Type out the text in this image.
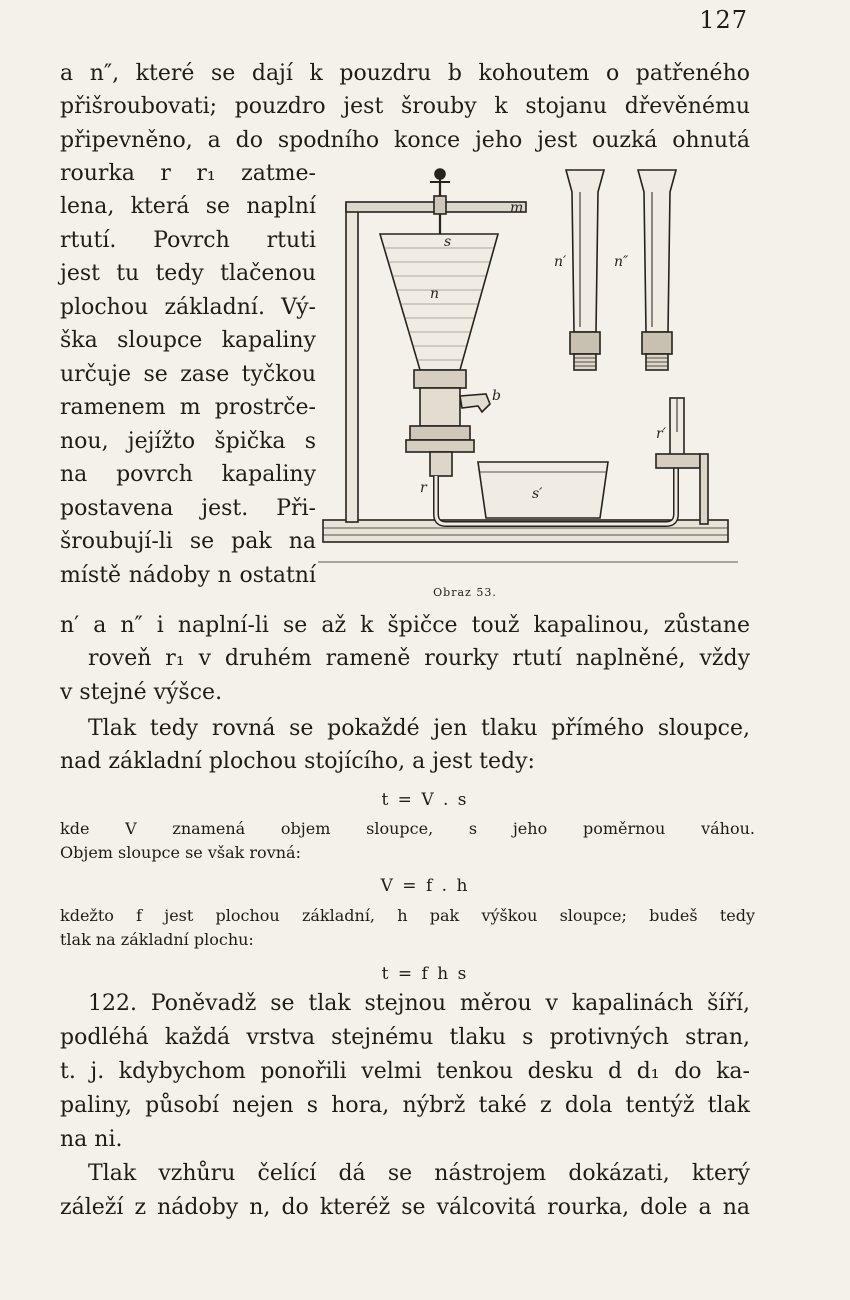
127
a n″, které se dají k pouzdru b kohoutem o patřeného
přišroubovati; pouzdro jest šrouby k stojanu dřevěnému
připevněno, a do spodního konce jeho jest ouzká ohnutá
rourka r r₁ zatme-
lena, která se naplní
rtutí. Povrch rtuti
jest tu tedy tlačenou
plochou základní. Vý-
ška sloupce kapaliny
určuje se zase tyčkou
ramenem m prostrče-
nou, jejížto špička s
na povrch kapaliny
postavena jest. Při-
šroubují-li se pak na
místě nádoby n ostatní
m
s
n
b
r	s′
n′	n″
r′
Obraz 53.
n′ a n″ i naplní-li se až k špičce touž kapalinou, zůstane
roveň r₁ v druhém rameně rourky rtutí naplněné, vždy
v stejné výšce.
Tlak tedy rovná se pokaždé jen tlaku přímého sloupce,
nad základní plochou stojícího, a jest tedy:
t = V . s
kde V znamená objem sloupce, s jeho poměrnou váhou.
Objem sloupce se však rovná:
V = f . h
kdežto f jest plochou základní, h pak výškou sloupce; budeš tedy
tlak na základní plochu:
t = f h s
122. Poněvadž se tlak stejnou měrou v kapalinách šíří,
podléhá každá vrstva stejnému tlaku s protivných stran,
t. j. kdybychom ponořili velmi tenkou desku d d₁ do ka-
paliny, působí nejen s hora, nýbrž také z dola tentýž tlak
na ni.
Tlak vzhůru čelící dá se nástrojem dokázati, který
záleží z nádoby n, do kteréž se válcovitá rourka, dole a na
